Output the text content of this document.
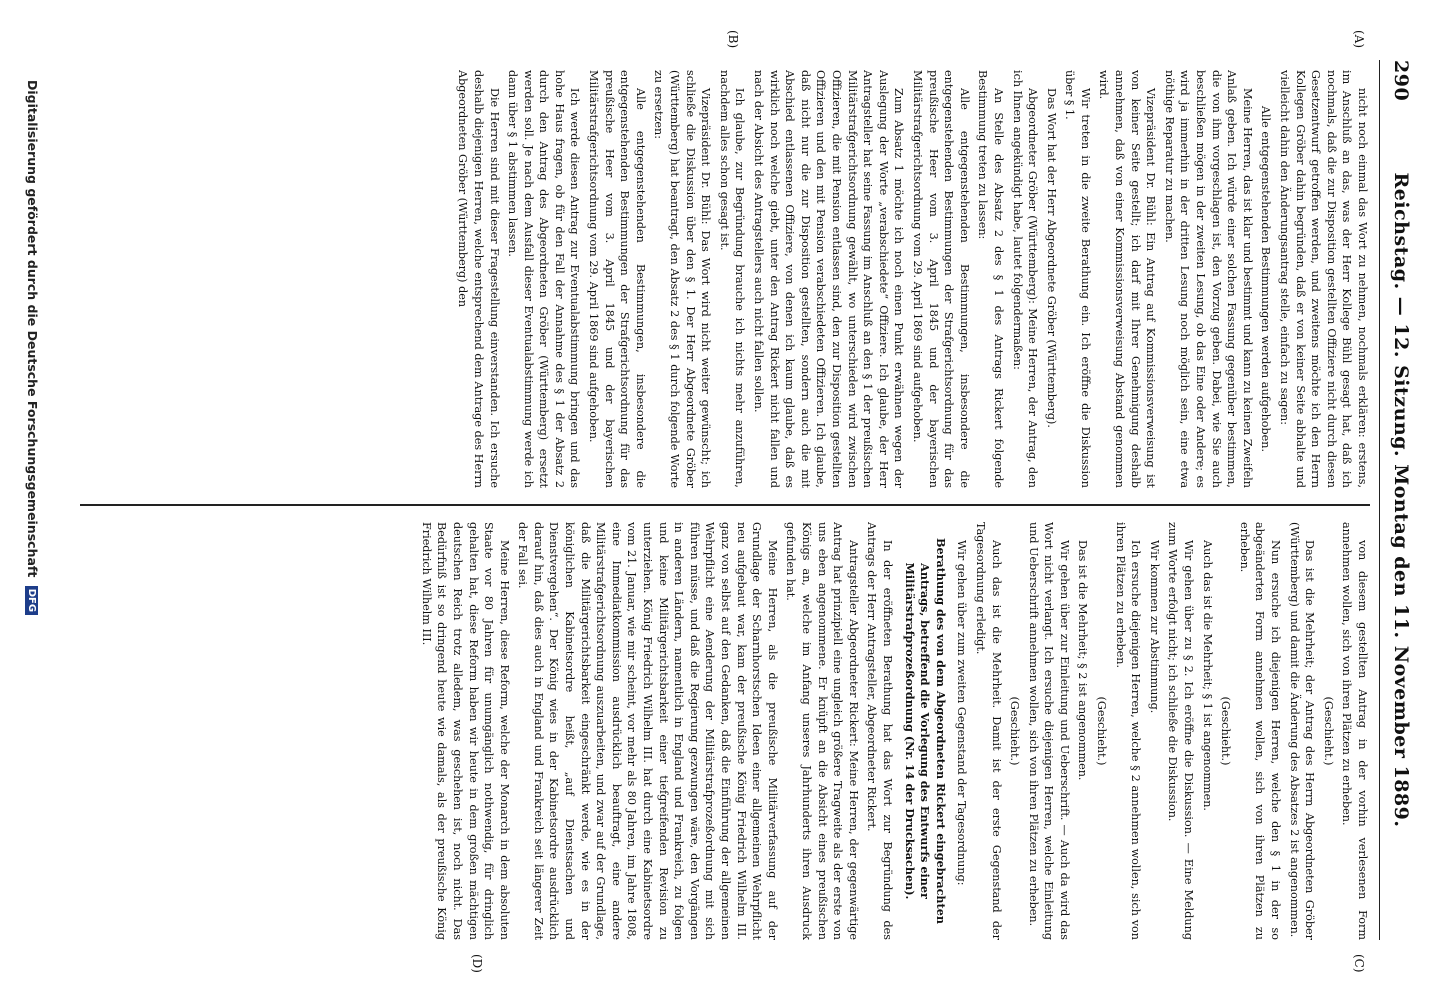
290
Reichstag. — 12. Sitzung. Montag den 11. November 1889.
(A)
(B)
(C)
(D)

nicht noch einmal das Wort zu nehmen, nochmals erklären: erstens, im Anschluß an das, was der Herr Kollege Bühl gesagt hat, daß ich nochmals, daß die zur Disposition gestellten Offiziere nicht durch diesen Gesetzentwurf getroffen werden, und zweitens möchte ich den Herrn Kollegen Gröber dahin begründen, daß er von keiner Seite abhalte und vielleicht dahin den Änderungsantrag stelle, einfach zu sagen:

Alle entgegenstehenden Bestimmungen werden aufgehoben.

Meine Herren, das ist klar und bestimmt und kann zu keinen Zweifeln Anlaß geben. Ich würde einer solchen Fassung gegenüber bestimmen, die von ihm vorgeschlagen ist, den Vorzug geben. Dabei, wie Sie auch beschließen mögen in der zweiten Lesung, ob das Eine oder Andere; es wird ja immerhin in der dritten Lesung noch möglich sein, eine etwa nöthige Reparatur zu machen.

Vizepräsident Dr. Bühl: Ein Antrag auf Kommissionsverweisung ist von keiner Seite gestellt; ich darf mit Ihrer Genehmigung deshalb annehmen, daß von einer Kommissionsverweisung Abstand genommen wird.

Wir treten in die zweite Berathung ein. Ich eröffne die Diskussion über § 1.

Das Wort hat der Herr Abgeordnete Gröber (Württemberg).

Abgeordneter Gröber (Württemberg): Meine Herren, der Antrag, den ich Ihnen angekündigt habe, lautet folgendermaßen:

An Stelle des Absatz 2 des § 1 des Antrags Rickert folgende Bestimmung treten zu lassen:

Alle entgegenstehenden Bestimmungen, insbesondere die entgegenstehenden Bestimmungen der Strafgerichtsordnung für das preußische Heer vom 3. April 1845 und der bayerischen Militärstrafgerichtsordnung vom 29. April 1869 sind aufgehoben.

Zum Absatz 1 möchte ich noch einen Punkt erwähnen wegen der Auslegung der Worte „verabschiedete“ Offiziere. Ich glaube, der Herr Antragsteller hat seine Fassung im Anschluß an den § 1 der preußischen Militärstrafgerichtsordnung gewählt, wo unterschieden wird zwischen Offizieren, die mit Pension entlassen sind, den zur Disposition gestellten Offizieren und den mit Pension verabschiedeten Offizieren. Ich glaube, daß nicht nur die zur Disposition gestellten, sondern auch die mit Abschied entlassenen Offiziere, von denen ich kaum glaube, daß es wirklich noch welche giebt, unter den Antrag Rickert nicht fallen und nach der Absicht des Antragstellers auch nicht fallen sollen.

Ich glaube, zur Begründung brauche ich nichts mehr anzuführen, nachdem alles schon gesagt ist.

Vizepräsident Dr. Bühl: Das Wort wird nicht weiter gewünscht; ich schließe die Diskussion über den § 1. Der Herr Abgeordnete Gröber (Württemberg) hat beantragt, den Absatz 2 des § 1 durch folgende Worte zu ersetzen:

Alle entgegenstehenden Bestimmungen, insbesondere die entgegenstehenden Bestimmungen der Strafgerichtsordnung für das preußische Heer vom 3. April 1845 und der bayerischen Militärstrafgerichtsordnung vom 29. April 1869 sind aufgehoben.

Ich werde diesen Antrag zur Eventualabstimmung bringen und das hohe Haus fragen, ob für den Fall der Annahme des § 1 der Absatz 2 durch den Antrag des Abgeordneten Gröber (Württemberg) ersetzt werden soll. Je nach dem Ausfall dieser Eventualabstimmung werde ich dann über § 1 abstimmen lassen.

Die Herren sind mit dieser Fragestellung einverstanden. Ich ersuche deshalb diejenigen Herren, welche entsprechend dem Antrage des Herrn Abgeordneten Gröber (Württemberg) den

von diesem gestellten Antrag in der vorhin verlesenen Form annehmen wollen, sich von ihren Plätzen zu erheben.

(Geschieht.)

Das ist die Mehrheit; der Antrag des Herrn Abgeordneten Gröber (Württemberg) und damit die Änderung des Absatzes 2 ist angenommen.

Nun ersuche ich diejenigen Herren, welche den § 1 in der so abgeänderten Form annehmen wollen, sich von ihren Plätzen zu erheben.

(Geschieht.)

Auch das ist die Mehrheit; § 1 ist angenommen.

Wir gehen über zu § 2. Ich eröffne die Diskussion. — Eine Meldung zum Worte erfolgt nicht; ich schließe die Diskussion.

Wir kommen zur Abstimmung.

Ich ersuche diejenigen Herren, welche § 2 annehmen wollen, sich von ihren Plätzen zu erheben.

(Geschieht.)

Das ist die Mehrheit; § 2 ist angenommen.

Wir gehen über zur Einleitung und Ueberschrift. — Auch da wird das Wort nicht verlangt. Ich ersuche diejenigen Herren, welche Einleitung und Ueberschrift annehmen wollen, sich von ihren Plätzen zu erheben.

(Geschieht.)

Auch das ist die Mehrheit. Damit ist der erste Gegenstand der Tagesordnung erledigt.

Wir gehen über zum zweiten Gegenstand der Tagesordnung:

Berathung des von dem Abgeordneten Rickert eingebrachten Antrags, betreffend die Vorlegung des Entwurfs einer Militärstrafprozeßordnung (Nr. 14 der Drucksachen).

In der eröffneten Berathung hat das Wort zur Begründung des Antrags der Herr Antragsteller, Abgeordneter Rickert.

Antragsteller Abgeordneter Rickert: Meine Herren, der gegenwärtige Antrag hat prinzipiell eine ungleich größere Tragweite als der erste von uns eben angenommene. Er knüpft an die Absicht eines preußischen Königs an, welche im Anfang unseres Jahrhunderts ihren Ausdruck gefunden hat.

Meine Herren, als die preußische Militärverfassung auf der Grundlage der Scharnhorstschen Ideen einer allgemeinen Wehrpflicht neu aufgebaut war, kam der preußische König Friedrich Wilhelm III. ganz von selbst auf den Gedanken, daß die Einführung der allgemeinen Wehrpflicht eine Aenderung der Militärstrafprozeßordnung mit sich führen müsse, und daß die Regierung gezwungen wäre, den Vorgängen in anderen Ländern, namentlich in England und Frankreich, zu folgen und keine Militärgerichtsbarkeit einer tiefgreifenden Revision zu unterziehen. König Friedrich Wilhelm III. hat durch eine Kabinetsordre vom 21. Januar, wie mir scheint, vor mehr als 80 Jahren, im Jahre 1808, eine Immediatkommission ausdrücklich beauftragt, eine andere Militärstrafgerichtsordnung auszuarbeiten, und zwar auf der Grundlage, daß die Militärgerichtsbarkeit eingeschränkt werde, wie es in der königlichen Kabinetsordre heißt, „auf Dienstsachen und Dienstvergehen“. Der König wies in der Kabinetsordre ausdrücklich darauf hin, daß dies auch in England und Frankreich seit längerer Zeit der Fall sei.

Meine Herren, diese Reform, welche der Monarch in dem absoluten Staate vor 80 Jahren für unumgänglich nothwendig, für dringlich gehalten hat, diese Reform haben wir heute in dem großen mächtigen deutschen Reich trotz alledem, was geschehen ist, noch nicht. Das Bedürfniß ist so dringend heute wie damals, als der preußische König Friedrich Wilhelm III.

Digitalisierung gefördert durch die Deutsche Forschungsgemeinschaft DFG
